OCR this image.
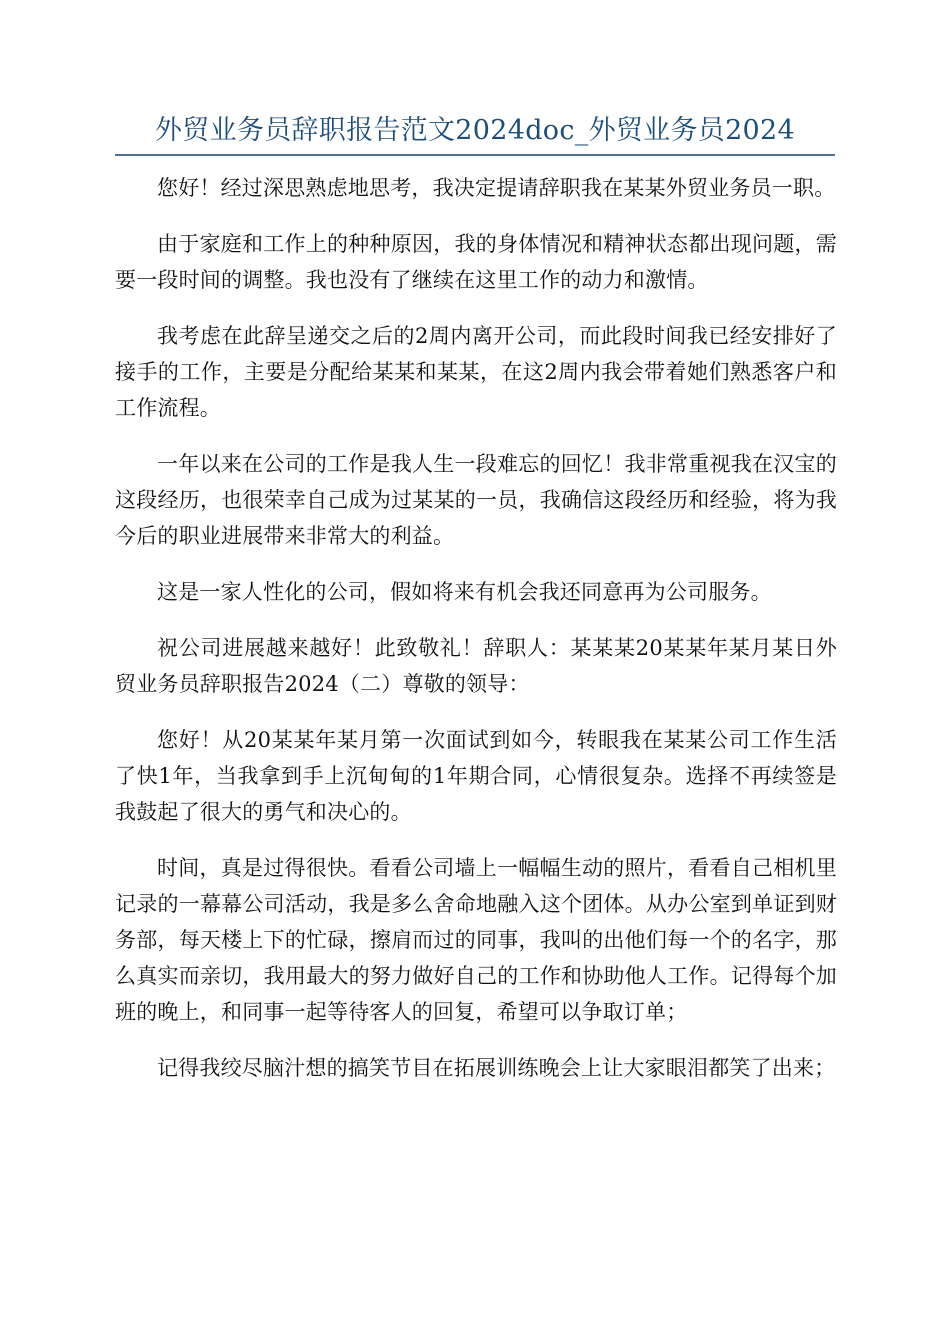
外贸业务员辞职报告范文2024doc_外贸业务员2024

您好！经过深思熟虑地思考，我决定提请辞职我在某某外贸业务员一职。

由于家庭和工作上的种种原因，我的身体情况和精神状态都出现问题，需要一段时间的调整。我也没有了继续在这里工作的动力和激情。

我考虑在此辞呈递交之后的2周内离开公司，而此段时间我已经安排好了接手的工作，主要是分配给某某和某某，在这2周内我会带着她们熟悉客户和工作流程。

一年以来在公司的工作是我人生一段难忘的回忆！我非常重视我在汉宝的这段经历，也很荣幸自己成为过某某的一员，我确信这段经历和经验，将为我今后的职业进展带来非常大的利益。

这是一家人性化的公司，假如将来有机会我还同意再为公司服务。

祝公司进展越来越好！此致敬礼！辞职人：某某某20某某年某月某日外贸业务员辞职报告2024（二）尊敬的领导：

您好！从20某某年某月第一次面试到如今，转眼我在某某公司工作生活了快1年，当我拿到手上沉甸甸的1年期合同，心情很复杂。选择不再续签是我鼓起了很大的勇气和决心的。

时间，真是过得很快。看看公司墙上一幅幅生动的照片，看看自己相机里记录的一幕幕公司活动，我是多么舍命地融入这个团体。从办公室到单证到财务部，每天楼上下的忙碌，擦肩而过的同事，我叫的出他们每一个的名字，那么真实而亲切，我用最大的努力做好自己的工作和协助他人工作。记得每个加班的晚上，和同事一起等待客人的回复，希望可以争取订单；

记得我绞尽脑汁想的搞笑节目在拓展训练晚会上让大家眼泪都笑了出来；
